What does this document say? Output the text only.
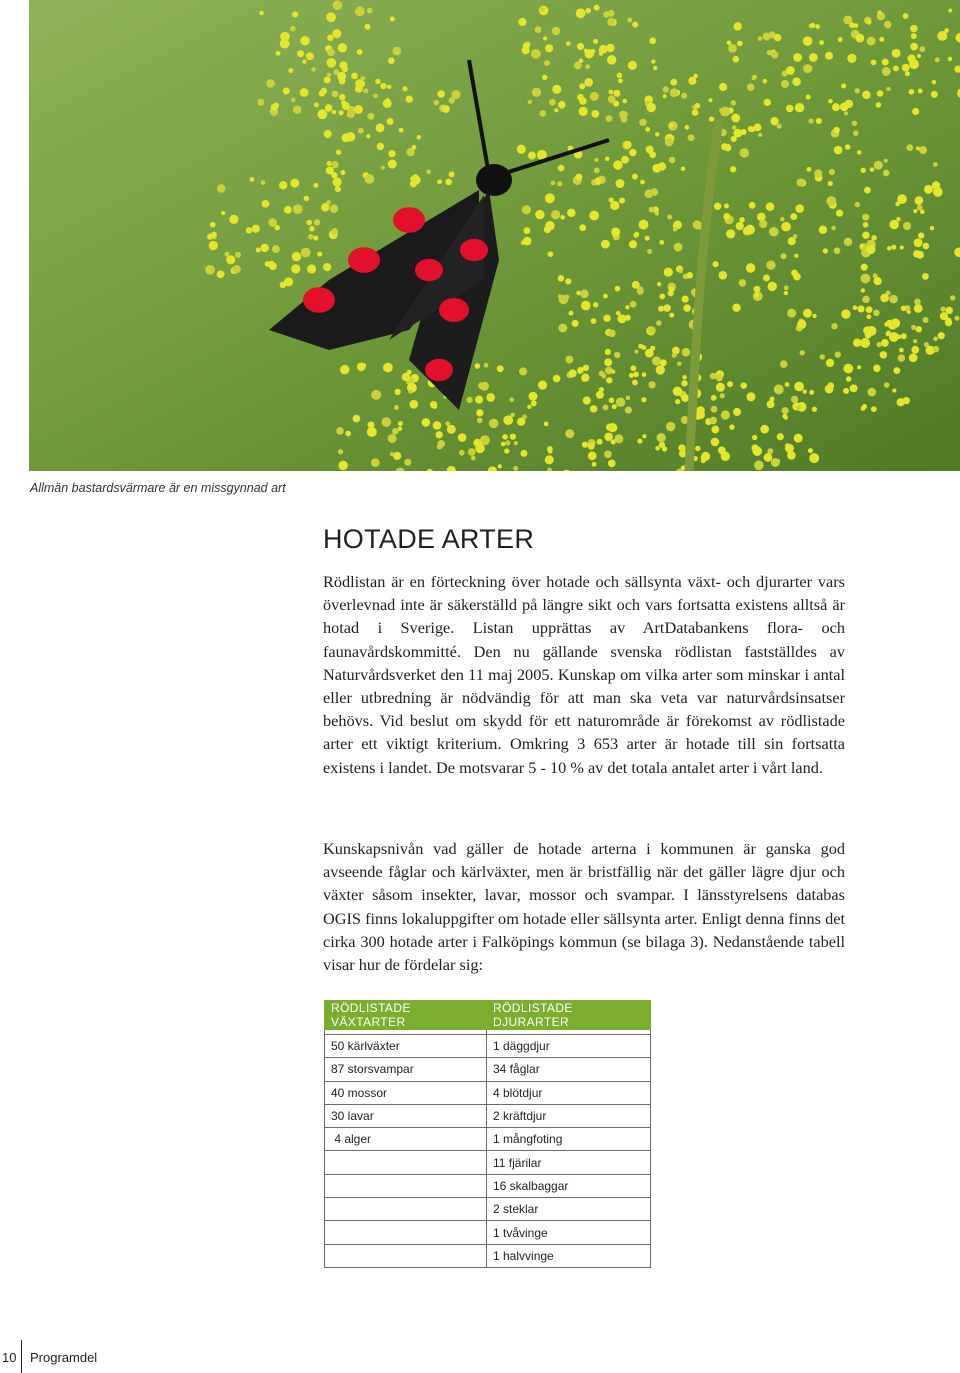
Allmän bastardsvärmare är en missgynnad art
HOTADE ARTER

Rödlistan är en förteckning över hotade och sällsynta växt- och djurarter vars överlevnad inte är säkerställd på längre sikt och vars fortsatta existens alltså är hotad i Sverige. Listan upprättas av ArtDatabankens flora- och faunavårdskommitté. Den nu gällande svenska rödlistan fastställdes av Naturvårdsverket den 11 maj 2005. Kunskap om vilka arter som minskar i antal eller utbredning är nödvändig för att man ska veta var naturvårdsinsatser behövs. Vid beslut om skydd för ett naturområde är förekomst av rödlistade arter ett viktigt kriterium. Omkring 3 653 arter är hotade till sin fortsatta existens i landet. De motsvarar 5 - 10 % av det totala antalet arter i vårt land.

Kunskapsnivån vad gäller de hotade arterna i kommunen är ganska god avseende fåglar och kärlväxter, men är bristfällig när det gäller lägre djur och växter såsom insekter, lavar, mossor och svampar. I länsstyrelsens databas OGIS finns lokaluppgifter om hotade eller sällsynta arter. Enligt denna finns det cirka 300 hotade arter i Falköpings kommun (se bilaga 3). Nedanstående tabell visar hur de fördelar sig:

RÖDLISTADE VÄXTARTER	RÖDLISTADE DJURARTER

50 kärlväxter	1 däggdjur
87 storsvampar	34 fåglar
40 mossor	4 blötdjur
30 lavar	2 kräftdjur
4 alger	1 mångfoting
	11 fjärilar
	16 skalbaggar
	2 steklar
	1 tvåvinge
	1 halvvinge
10 Programdel
